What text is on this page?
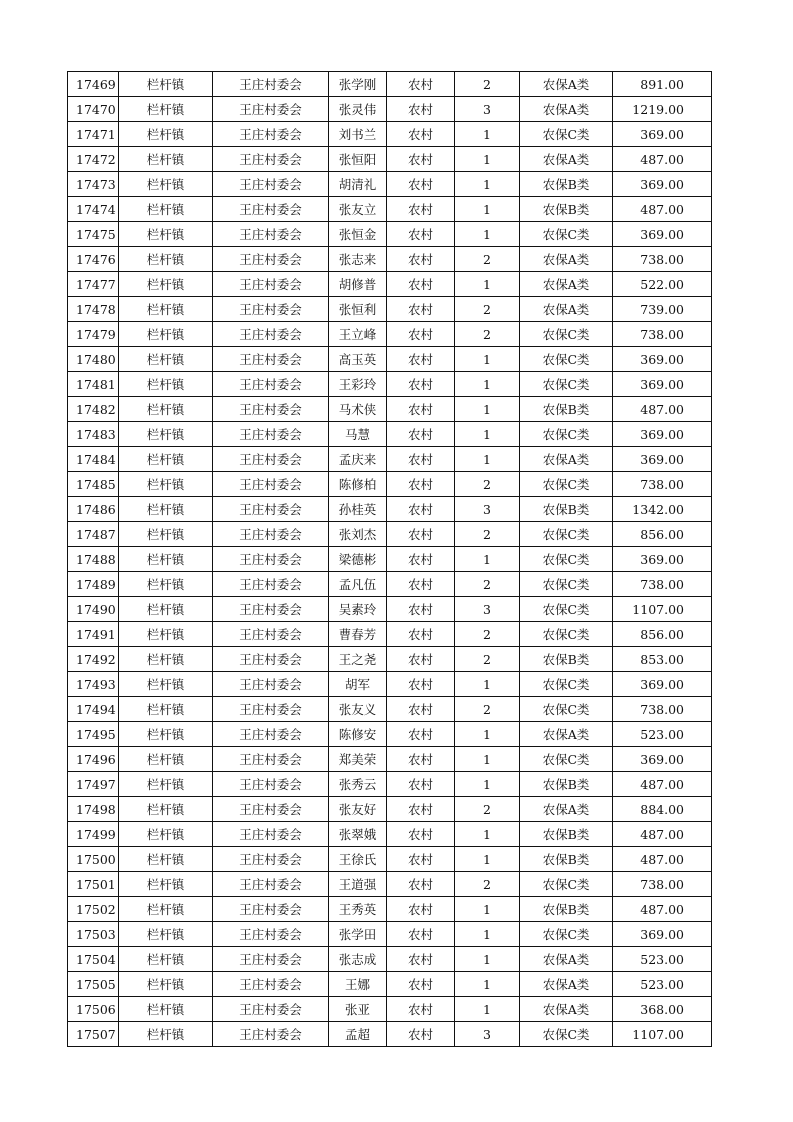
17469	栏杆镇	王庄村委会	张学刚	农村	2	农保A类	891.00
17470	栏杆镇	王庄村委会	张灵伟	农村	3	农保A类	1219.00
17471	栏杆镇	王庄村委会	刘书兰	农村	1	农保C类	369.00
17472	栏杆镇	王庄村委会	张恒阳	农村	1	农保A类	487.00
17473	栏杆镇	王庄村委会	胡清礼	农村	1	农保B类	369.00
17474	栏杆镇	王庄村委会	张友立	农村	1	农保B类	487.00
17475	栏杆镇	王庄村委会	张恒金	农村	1	农保C类	369.00
17476	栏杆镇	王庄村委会	张志来	农村	2	农保A类	738.00
17477	栏杆镇	王庄村委会	胡修普	农村	1	农保A类	522.00
17478	栏杆镇	王庄村委会	张恒利	农村	2	农保A类	739.00
17479	栏杆镇	王庄村委会	王立峰	农村	2	农保C类	738.00
17480	栏杆镇	王庄村委会	高玉英	农村	1	农保C类	369.00
17481	栏杆镇	王庄村委会	王彩玲	农村	1	农保C类	369.00
17482	栏杆镇	王庄村委会	马术侠	农村	1	农保B类	487.00
17483	栏杆镇	王庄村委会	马慧	农村	1	农保C类	369.00
17484	栏杆镇	王庄村委会	孟庆来	农村	1	农保A类	369.00
17485	栏杆镇	王庄村委会	陈修柏	农村	2	农保C类	738.00
17486	栏杆镇	王庄村委会	孙桂英	农村	3	农保B类	1342.00
17487	栏杆镇	王庄村委会	张刘杰	农村	2	农保C类	856.00
17488	栏杆镇	王庄村委会	梁德彬	农村	1	农保C类	369.00
17489	栏杆镇	王庄村委会	孟凡伍	农村	2	农保C类	738.00
17490	栏杆镇	王庄村委会	吴素玲	农村	3	农保C类	1107.00
17491	栏杆镇	王庄村委会	曹春芳	农村	2	农保C类	856.00
17492	栏杆镇	王庄村委会	王之尧	农村	2	农保B类	853.00
17493	栏杆镇	王庄村委会	胡军	农村	1	农保C类	369.00
17494	栏杆镇	王庄村委会	张友义	农村	2	农保C类	738.00
17495	栏杆镇	王庄村委会	陈修安	农村	1	农保A类	523.00
17496	栏杆镇	王庄村委会	郑美荣	农村	1	农保C类	369.00
17497	栏杆镇	王庄村委会	张秀云	农村	1	农保B类	487.00
17498	栏杆镇	王庄村委会	张友好	农村	2	农保A类	884.00
17499	栏杆镇	王庄村委会	张翠娥	农村	1	农保B类	487.00
17500	栏杆镇	王庄村委会	王徐氏	农村	1	农保B类	487.00
17501	栏杆镇	王庄村委会	王道强	农村	2	农保C类	738.00
17502	栏杆镇	王庄村委会	王秀英	农村	1	农保B类	487.00
17503	栏杆镇	王庄村委会	张学田	农村	1	农保C类	369.00
17504	栏杆镇	王庄村委会	张志成	农村	1	农保A类	523.00
17505	栏杆镇	王庄村委会	王娜	农村	1	农保A类	523.00
17506	栏杆镇	王庄村委会	张亚	农村	1	农保A类	368.00
17507	栏杆镇	王庄村委会	孟超	农村	3	农保C类	1107.00
